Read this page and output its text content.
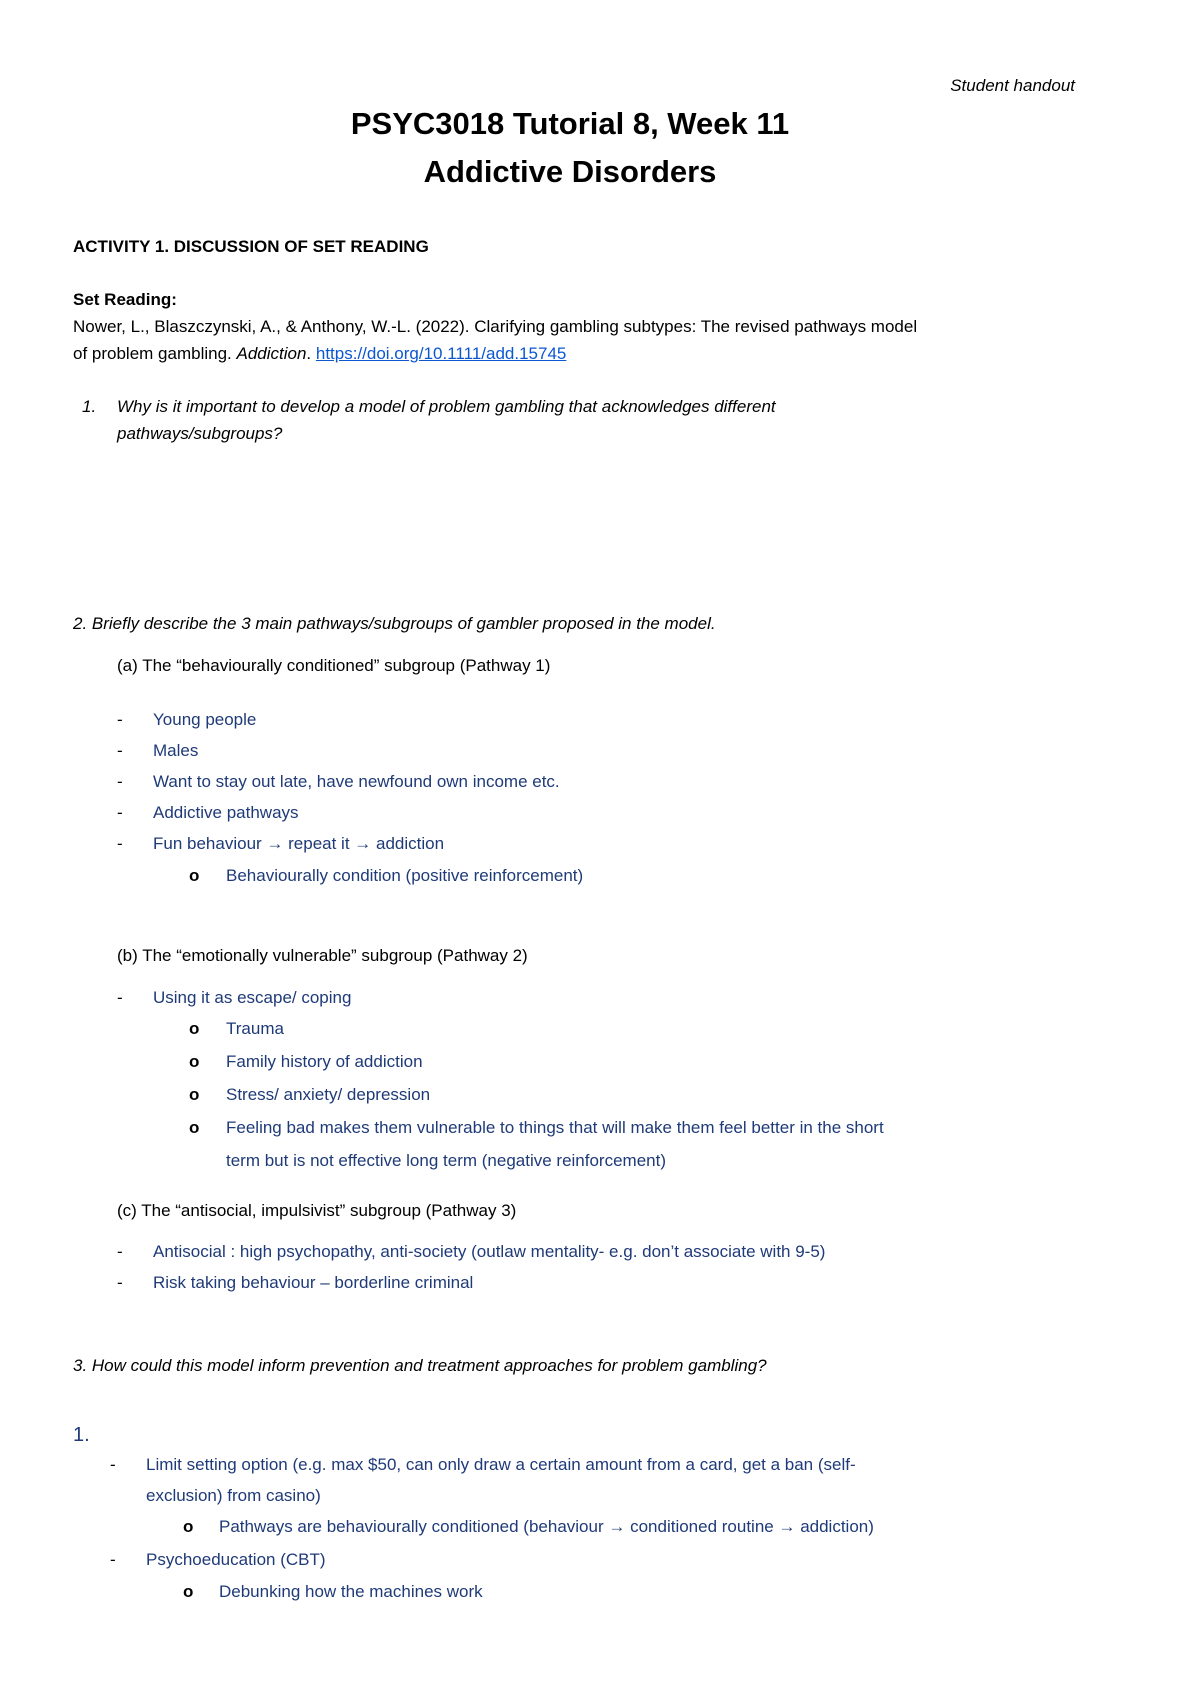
Student handout
PSYC3018 Tutorial 8, Week 11
Addictive Disorders
ACTIVITY 1. DISCUSSION OF SET READING
Set Reading:
Nower, L., Blaszczynski, A., & Anthony, W.-L. (2022). Clarifying gambling subtypes: The revised pathways model
of problem gambling. Addiction. https://doi.org/10.1111/add.15745
1. Why is it important to develop a model of problem gambling that acknowledges different
pathways/subgroups?
2. Briefly describe the 3 main pathways/subgroups of gambler proposed in the model.
(a) The “behaviourally conditioned” subgroup (Pathway 1)
- Young people
- Males
- Want to stay out late, have newfound own income etc.
- Addictive pathways
- Fun behaviour → repeat it → addiction
o Behaviourally condition (positive reinforcement)
(b) The “emotionally vulnerable” subgroup (Pathway 2)
- Using it as escape/ coping
o Trauma
o Family history of addiction
o Stress/ anxiety/ depression
o Feeling bad makes them vulnerable to things that will make them feel better in the short
term but is not effective long term (negative reinforcement)
(c) The “antisocial, impulsivist” subgroup (Pathway 3)
- Antisocial : high psychopathy, anti-society (outlaw mentality- e.g. don’t associate with 9-5)
- Risk taking behaviour – borderline criminal
3. How could this model inform prevention and treatment approaches for problem gambling?
1.
- Limit setting option (e.g. max $50, can only draw a certain amount from a card, get a ban (self-
exclusion) from casino)
o Pathways are behaviourally conditioned (behaviour → conditioned routine → addiction)
- Psychoeducation (CBT)
o Debunking how the machines work
